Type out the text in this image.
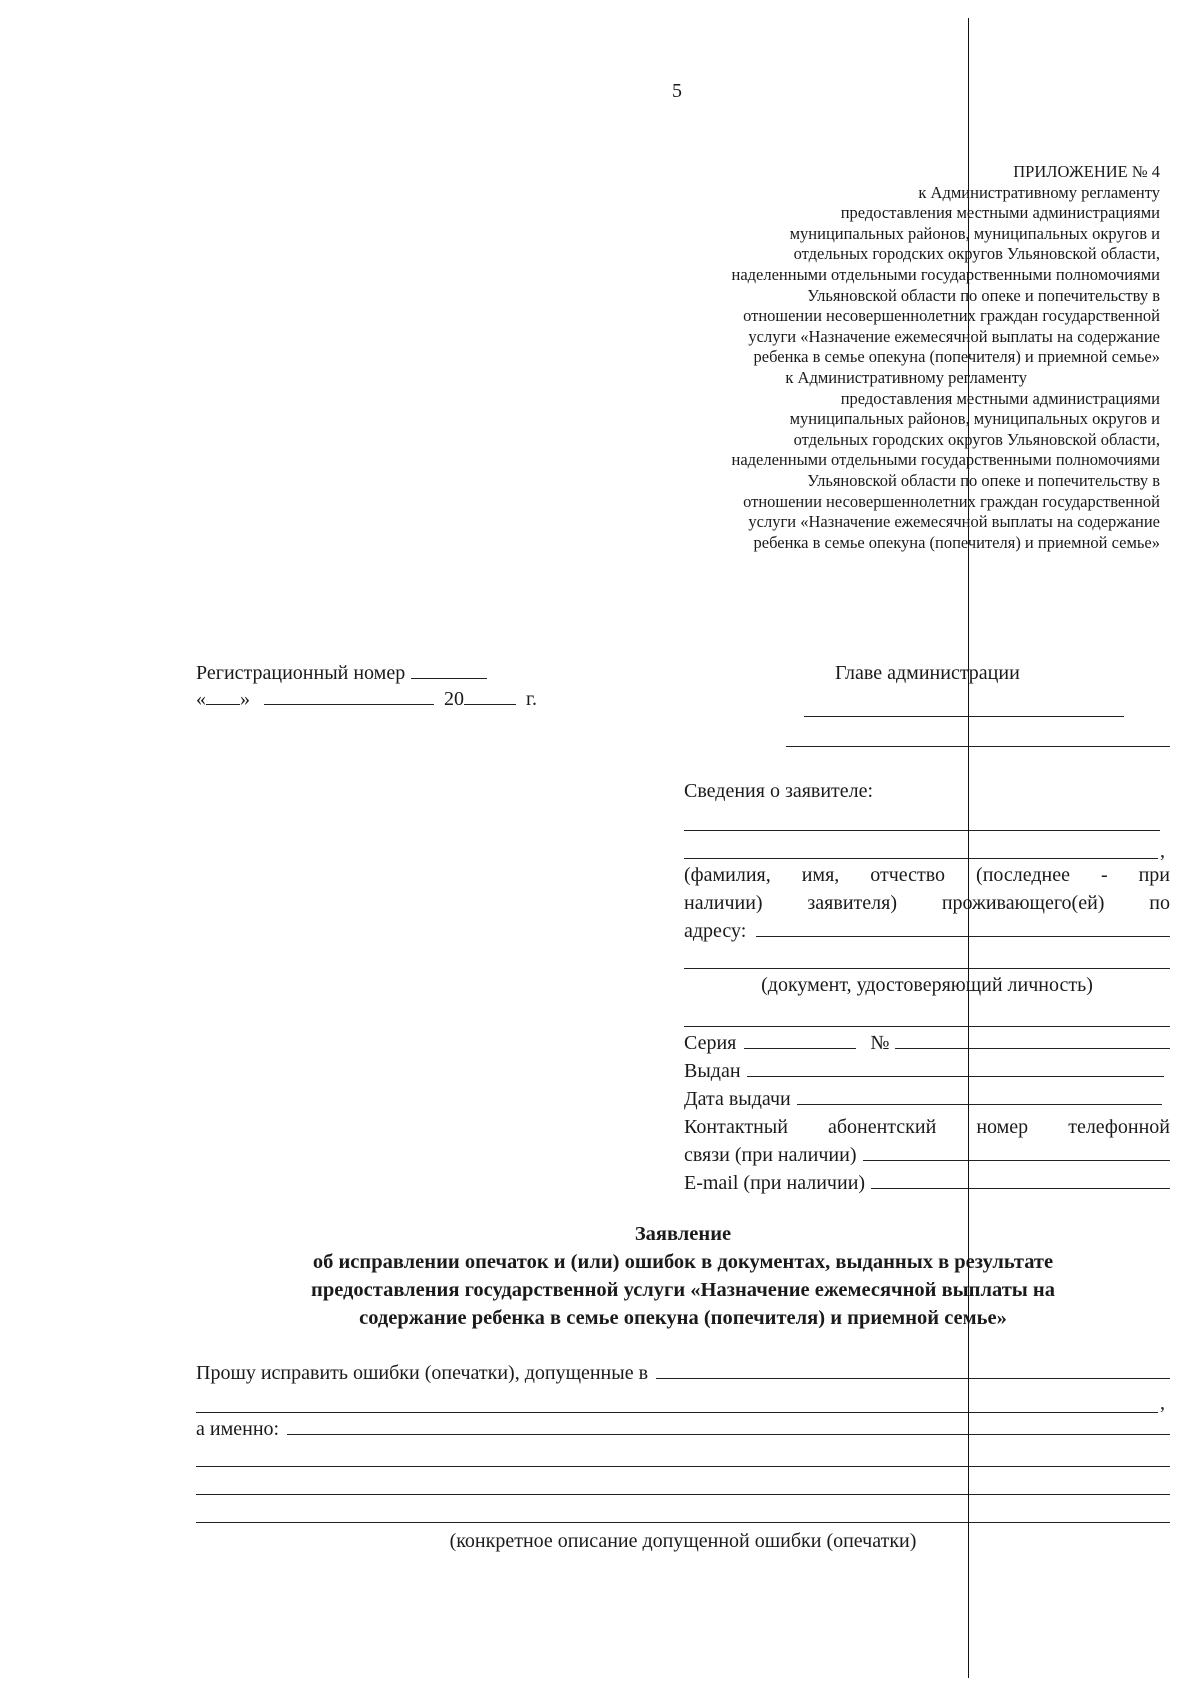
5
ПРИЛОЖЕНИЕ № 4
к Административному регламенту
предоставления местными администрациями
муниципальных районов, муниципальных округов и
отдельных городских округов Ульяновской области,
наделенными отдельными государственными полномочиями
Ульяновской области по опеке и попечительству в
отношении несовершеннолетних граждан государственной
услуги «Назначение ежемесячной выплаты на содержание
ребенка в семье опекуна (попечителя) и приемной семье»
к Административному регламенту
предоставления местными администрациями
муниципальных районов, муниципальных округов и
отдельных городских округов Ульяновской области,
наделенными отдельными государственными полномочиями
Ульяновской области по опеке и попечительству в
отношении несовершеннолетних граждан государственной
услуги «Назначение ежемесячной выплаты на содержание
ребенка в семье опекуна (попечителя) и приемной семье»
Регистрационный номер
« »	20	г.
Главе администрации
Сведения о заявителе:
,
(фамилия, имя, отчество (последнее - при
наличии) заявителя) проживающего(ей) по
адресу:
(документ, удостоверяющий личность)
Серия	№
Выдан
Дата выдачи
Контактный абонентский номер телефонной
связи (при наличии)
E-mail (при наличии)
Заявление
об исправлении опечаток и (или) ошибок в документах, выданных в результате
предоставления государственной услуги «Назначение ежемесячной выплаты на
содержание ребенка в семье опекуна (попечителя) и приемной семье»
Прошу исправить ошибки (опечатки), допущенные в
,
а именно:
(конкретное описание допущенной ошибки (опечатки)
